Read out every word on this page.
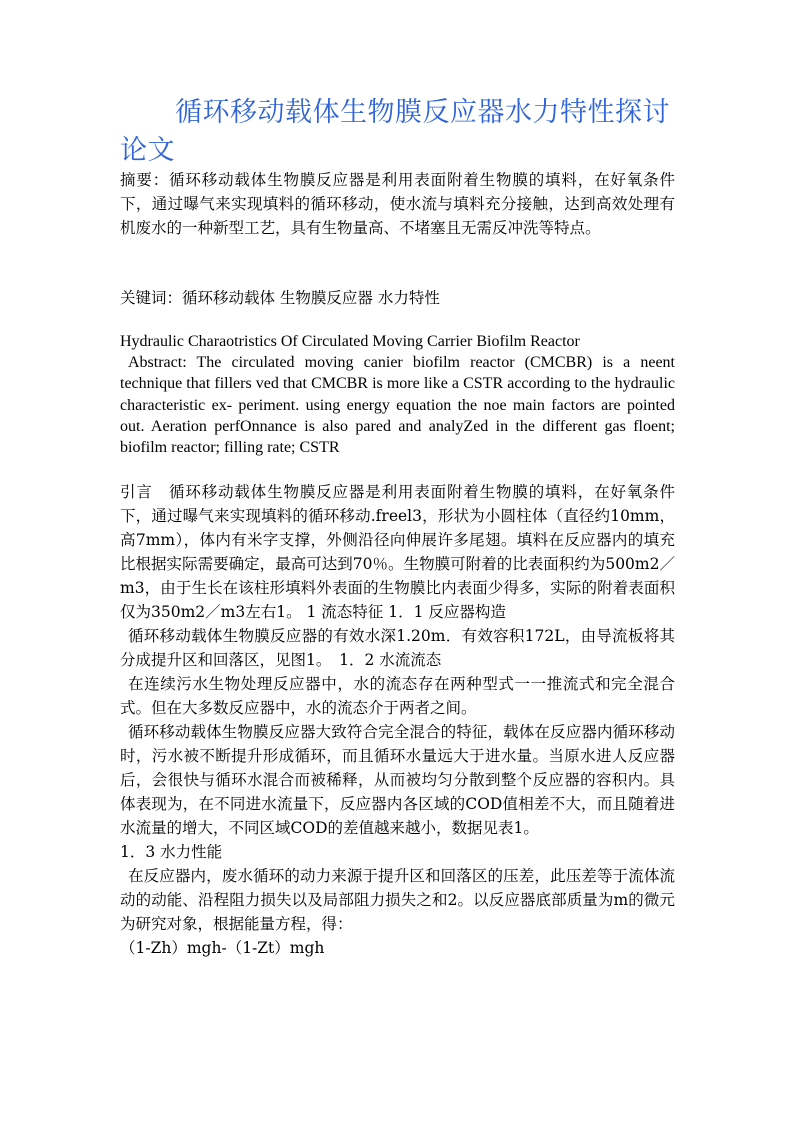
循环移动载体生物膜反应器水力特性探讨论文

摘要：循环移动载体生物膜反应器是利用表面附着生物膜的填料，在好氧条件下，通过曝气来实现填料的循环移动，使水流与填料充分接触，达到高效处理有机废水的一种新型工艺，具有生物量高、不堵塞且无需反冲洗等特点。

关键词：循环移动载体 生物膜反应器 水力特性

Hydraulic Charaotristics Of Circulated Moving Carrier Biofilm Reactor

Abstract: The circulated moving canier biofilm reactor (CMCBR) is a neent technique that fillers ved that CMCBR is more like a CSTR according to the hydraulic characteristic ex- periment. using energy equation the noe main factors are pointed out. Aeration perfOnnance is also pared and analyZed in the different gas floent; biofilm reactor; filling rate; CSTR

引言　循环移动载体生物膜反应器是利用表面附着生物膜的填料，在好氧条件下，通过曝气来实现填料的循环移动.freel3，形状为小圆柱体（直径约10mm，高7mm），体内有米字支撑，外侧沿径向伸展许多尾翅。填料在反应器内的填充比根据实际需要确定，最高可达到70％。生物膜可附着的比表面积约为500m2／m3，由于生长在该柱形填料外表面的生物膜比内表面少得多，实际的附着表面积仅为350m2／m3左右1。 1 流态特征 1．1 反应器构造

循环移动载体生物膜反应器的有效水深1.20m．有效容积172L，由导流板将其分成提升区和回落区，见图1。　1．2 水流流态

在连续污水生物处理反应器中，水的流态存在两种型式一一推流式和完全混合式。但在大多数反应器中，水的流态介于两者之间。

循环移动载体生物膜反应器大致符合完全混合的特征，载体在反应器内循环移动时，污水被不断提升形成循环，而且循环水量远大于进水量。当原水进人反应器后，会很快与循环水混合而被稀释，从而被均匀分散到整个反应器的容积内。具体表现为，在不同进水流量下，反应器内各区域的COD值相差不大，而且随着进水流量的增大，不同区域COD的差值越来越小，数据见表1。

1．3 水力性能

在反应器内，废水循环的动力来源于提升区和回落区的压差，此压差等于流体流动的动能、沿程阻力损失以及局部阻力损失之和2。以反应器底部质量为m的微元为研究对象，根据能量方程，得：

（1-Zh）mgh-（1-Zt）mgh
